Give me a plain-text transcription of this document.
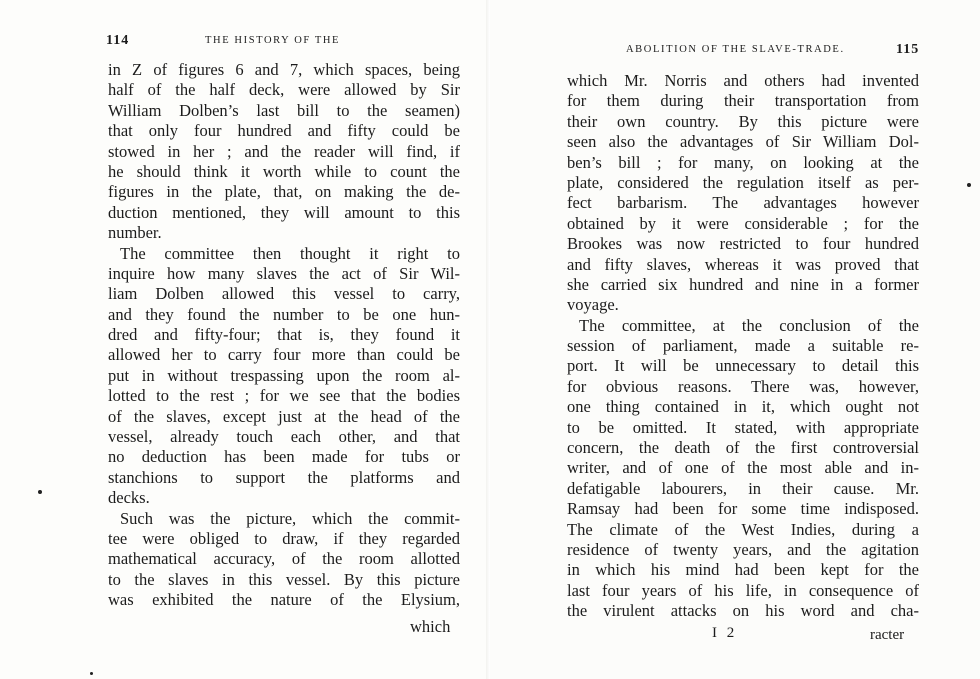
114	THE HISTORY OF THE
in Z of figures 6 and 7, which spaces, being
half of the half deck, were allowed by Sir
William Dolben’s last bill to the seamen)
that only four hundred and fifty could be
stowed in her ; and the reader will find, if
he should think it worth while to count the
figures in the plate, that, on making the de-
duction mentioned, they will amount to this
number.
The committee then thought it right to
inquire how many slaves the act of Sir Wil-
liam Dolben allowed this vessel to carry,
and they found the number to be one hun-
dred and fifty-four; that is, they found it
allowed her to carry four more than could be
put in without trespassing upon the room al-
lotted to the rest ; for we see that the bodies
of the slaves, except just at the head of the
vessel, already touch each other, and that
no deduction has been made for tubs or
stanchions to support the platforms and
decks.
Such was the picture, which the commit-
tee were obliged to draw, if they regarded
mathematical accuracy, of the room allotted
to the slaves in this vessel. By this picture
was exhibited the nature of the Elysium,
which
ABOLITION OF THE SLAVE-TRADE.	115
which Mr. Norris and others had invented
for them during their transportation from
their own country. By this picture were
seen also the advantages of Sir William Dol-
ben’s bill ; for many, on looking at the
plate, considered the regulation itself as per-
fect barbarism. The advantages however
obtained by it were considerable ; for the
Brookes was now restricted to four hundred
and fifty slaves, whereas it was proved that
she carried six hundred and nine in a former
voyage.
The committee, at the conclusion of the
session of parliament, made a suitable re-
port. It will be unnecessary to detail this
for obvious reasons. There was, however,
one thing contained in it, which ought not
to be omitted. It stated, with appropriate
concern, the death of the first controversial
writer, and of one of the most able and in-
defatigable labourers, in their cause. Mr.
Ramsay had been for some time indisposed.
The climate of the West Indies, during a
residence of twenty years, and the agitation
in which his mind had been kept for the
last four years of his life, in consequence of
the virulent attacks on his word and cha-
I 2	racter
